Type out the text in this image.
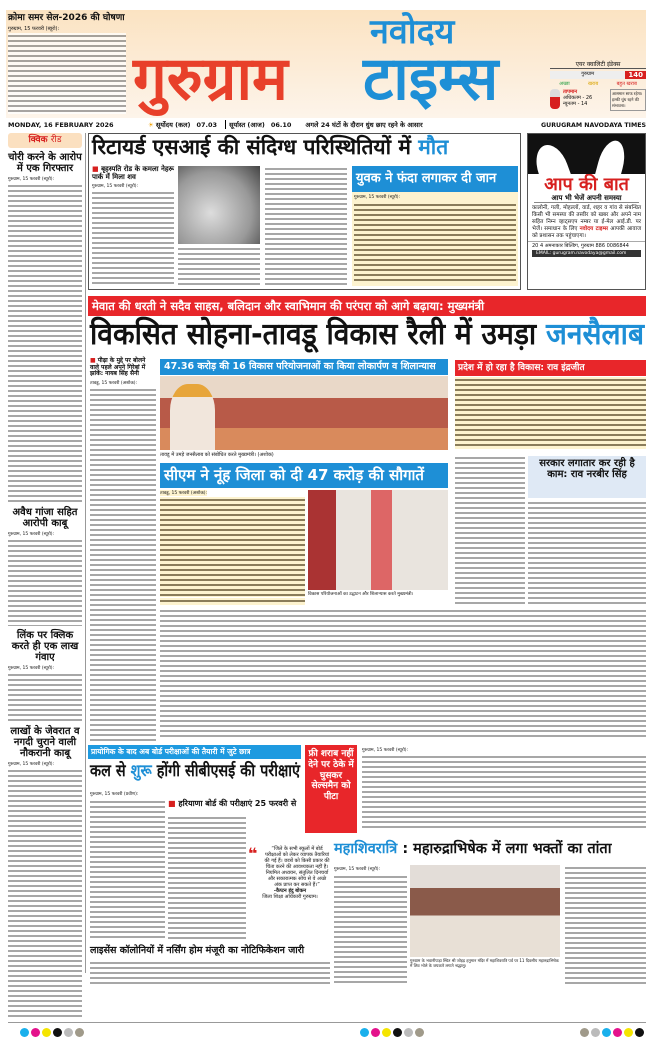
क्रोमा समर सेल-2026 की घोषणा
गुरुग्राम, 15 फरवरी (ब्यूरो):	नवोदय
गुरुग्राम	टाइम्स	एयर क्वालिटी इंडेक्स
गुरुग्राम	140
अच्छा	खराब	बहुत खराब
तापमान
अधिकतम - 26
न्यूनतम - 14
आसमान साफ रहेगा। हल्की धुंध रहने की संभावना।
MONDAY, 16 FEBRUARY 2026	☀ सूर्योदय (कल) 07.03	सूर्यास्त (आज) 06.10 अगले 24 घंटों के दौरान धुंध छाए रहने के आसार	GURUGRAM NAVODAYA TIMES
क्विक रीड
चोरी करने के आरोप में एक गिरफ्तार
गुरुग्राम, 15 फरवरी (ब्यूरो):
अवैध गांजा सहित आरोपी काबू
गुरुग्राम, 15 फरवरी (ब्यूरो):
लिंक पर क्लिक करते ही एक लाख गंवाए
गुरुग्राम, 15 फरवरी (ब्यूरो):
लाखों के जेवरात व नगदी चुराने वाली नौकरानी काबू
गुरुग्राम, 15 फरवरी (ब्यूरो):
रिटायर्ड एसआई की संदिग्ध परिस्थितियों में मौत
■ बृहस्पति रोड के कमला नेहरू पार्क में मिला शव
गुरुग्राम, 15 फरवरी (ब्यूरो):
युवक ने फंदा लगाकर दी जान
गुरुग्राम, 15 फरवरी (ब्यूरो):
आप की बात
आप भी भेजें अपनी समस्या
कालोनी, गली, मोहल्लों, वार्ड, शहर व गांव से संबन्धित किसी भी समस्या की तस्वीर को खबर और अपने नाम सहित निम्न व्हाट्सएप नम्बर या ई-मेल आई.डी. पर भेजें। समाधान के लिए नवोदय टाइम्स आपकी आवाज को प्रशासन तक पहुंचाएगा।
20 4 अमनाकार बिल्डिंग, गुरुग्राम 886 0086844
EMAIL: gurugram.navodaya@gmail.com
मेवात की धरती ने सदैव साहस, बलिदान और स्वाभिमान की परंपरा को आगे बढ़ाया: मुख्यमंत्री
विकसित सोहना-तावडू विकास रैली में उमड़ा जनसैलाब
■ पीढ़ा के मुद्दे पर बोलने वाले पहले अपने गिरेबां में झांकें: नायब सिंह सैनी
तावडू, 15 फरवरी (अशोक):
47.36 करोड़ की 16 विकास परियोजनाओं का किया लोकार्पण व शिलान्यास
तावडू में उमड़े जनसैलाब को संबोधित करते मुख्यमंत्री। (अशोक)
सीएम ने नूंह जिला को दी 47 करोड़ की सौगातें
तावडू, 15 फरवरी (अशोक):
विकास परियोजनाओं का उद्घाटन और शिलान्यास करते मुख्यमंत्री।
प्रदेश में हो रहा है विकास: राव इंद्रजीत
सरकार लगातार कर रही है काम: राव नरबीर सिंह
प्रायोगिक के बाद अब बोर्ड परीक्षाओं की तैयारी में जुटे छात्र
कल से शुरू होंगी सीबीएसई की परीक्षाएं
गुरुग्राम, 15 फरवरी (प्रवीण):
■ हरियाणा बोर्ड की परीक्षाएं 25 फरवरी से
❝	“जिले के सभी स्कूलों में बोर्ड परीक्षाओं को लेकर व्यापक तैयारियां की गई हैं। छात्रों को किसी प्रकार की चिंता करने की आवश्यकता नहीं है। नियमित अध्ययन, संतुलित दिनचर्या और सकारात्मक सोच से वे अच्छे अंक प्राप्त कर सकते हैं।”
-कैप्टन इंदु बोकन
जिला शिक्षा अधिकारी गुरुग्राम।
फ्री शराब नहीं देने पर ठेके में घुसकर सेल्समैन को पीटा
गुरुग्राम, 15 फरवरी (ब्यूरो):
महाशिवरात्रि : महारुद्राभिषेक में लगा भक्तों का तांता
गुरुग्राम, 15 फरवरी (ब्यूरो):
गुरुग्राम के भवानीपाड़ा स्थित श्री जोहड़ हनुमान मंदिर में महाशिवरात्रि पर्व पर 11 दिवसीय महारुद्राभिषेक में शिव भोले के जयकारे लगाते श्रद्धालु।
लाइसेंस कॉलोनियों में नर्सिंग होम मंजूरी का नोटिफिकेशन जारी
